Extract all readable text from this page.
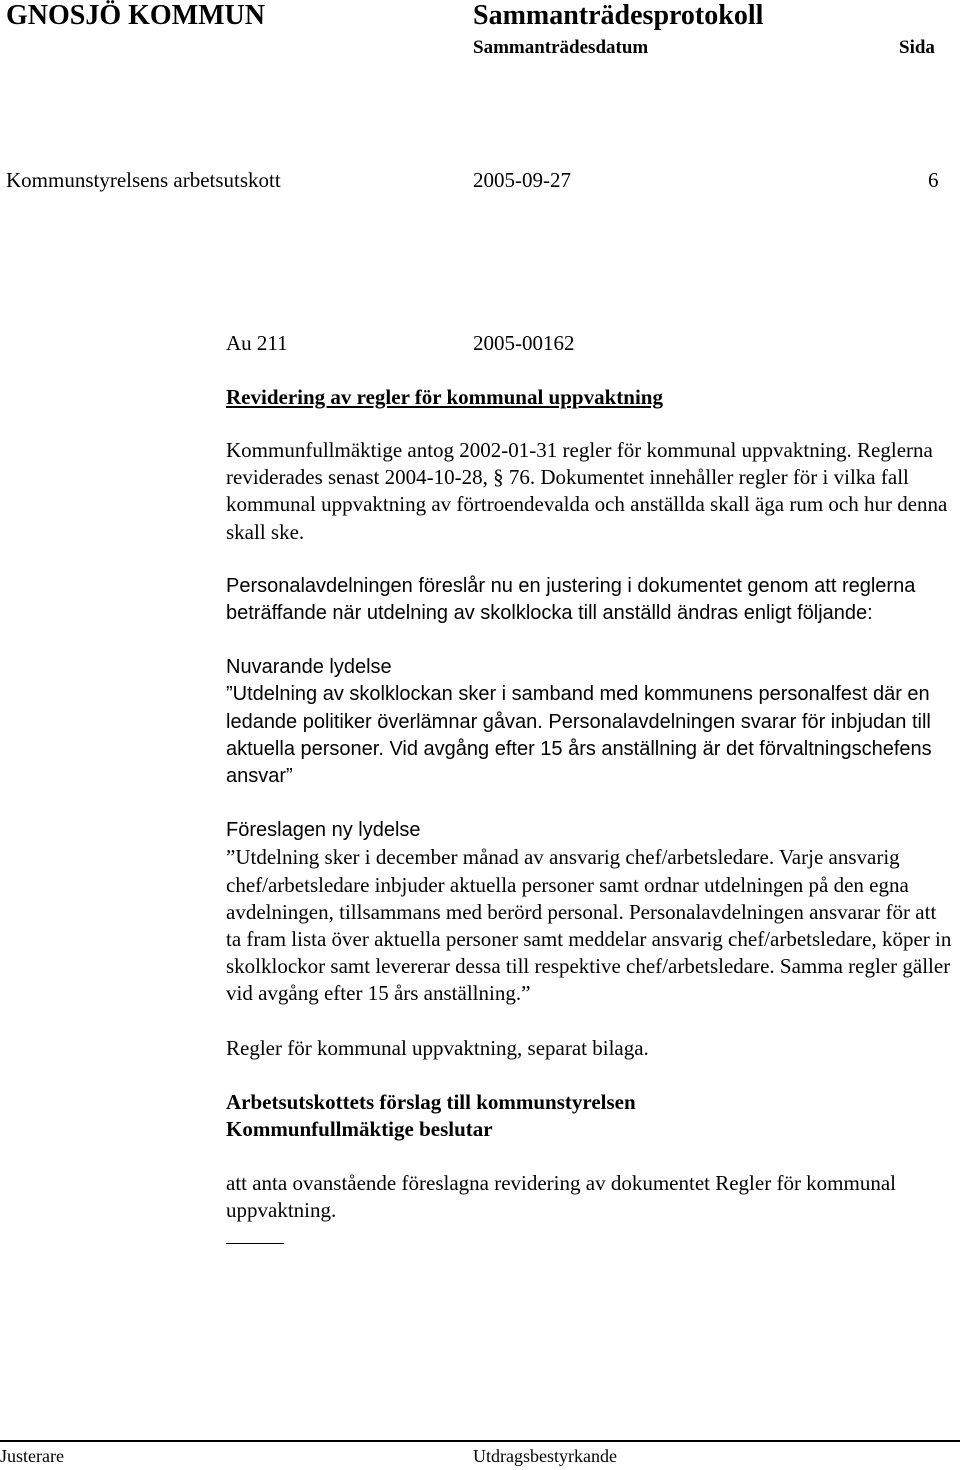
GNOSJÖ KOMMUN	Sammanträdesprotokoll
Sammanträdesdatum	Sida
Kommunstyrelsens arbetsutskott	2005-09-27	6
Au 211	2005-00162
Revidering av regler för kommunal uppvaktning

Kommunfullmäktige antog 2002-01-31 regler för kommunal uppvaktning. Reglerna reviderades senast 2004-10-28, § 76. Dokumentet innehåller regler för i vilka fall kommunal uppvaktning av förtroendevalda och anställda skall äga rum och hur denna skall ske.

Personalavdelningen föreslår nu en justering i dokumentet genom att reglerna beträffande när utdelning av skolklocka till anställd ändras enligt följande:

Nuvarande lydelse

”Utdelning av skolklockan sker i samband med kommunens personalfest där en ledande politiker överlämnar gåvan. Personalavdelningen svarar för inbjudan till aktuella personer. Vid avgång efter 15 års anställning är det förvaltningschefens ansvar”

Föreslagen ny lydelse

”Utdelning sker i december månad av ansvarig chef/arbetsledare. Varje ansvarig chef/arbetsledare inbjuder aktuella personer samt ordnar utdelningen på den egna avdelningen, tillsammans med berörd personal. Personalavdelningen ansvarar för att ta fram lista över aktuella personer samt meddelar ansvarig chef/arbetsledare, köper in skolklockor samt levererar dessa till respektive chef/arbetsledare. Samma regler gäller vid avgång efter 15 års anställning.”

Regler för kommunal uppvaktning, separat bilaga.

Arbetsutskottets förslag till kommunstyrelsen

Kommunfullmäktige beslutar

att anta ovanstående föreslagna revidering av dokumentet Regler för kommunal uppvaktning.

Justerare	Utdragsbestyrkande
